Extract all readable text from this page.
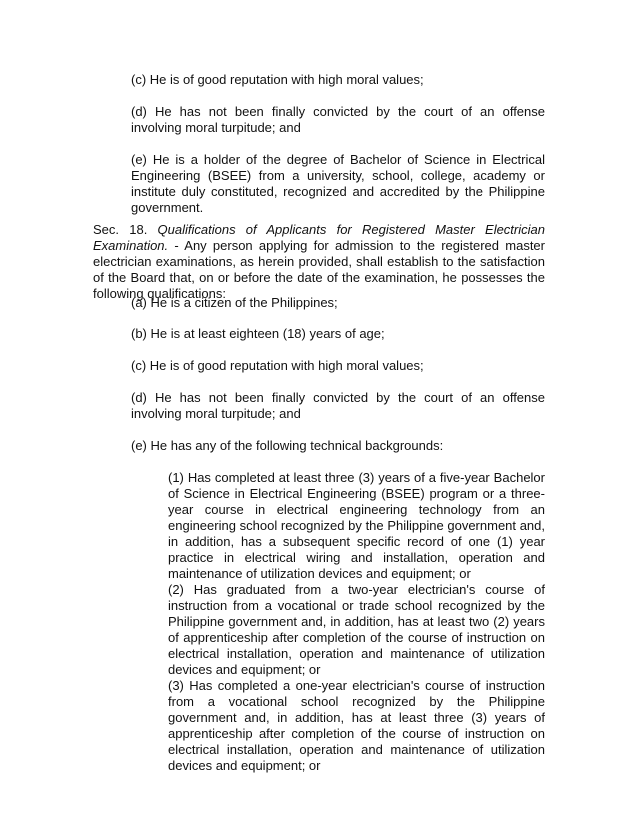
(c) He is of good reputation with high moral values;

(d) He has not been finally convicted by the court of an offense involving moral turpitude; and

(e) He is a holder of the degree of Bachelor of Science in Electrical Engineering (BSEE) from a university, school, college, academy or institute duly constituted, recognized and accredited by the Philippine government.

Sec. 18. Qualifications of Applicants for Registered Master Electrician Examination. - Any person applying for admission to the registered master electrician examinations, as herein provided, shall establish to the satisfaction of the Board that, on or before the date of the examination, he possesses the following qualifications:

(a) He is a citizen of the Philippines;

(b) He is at least eighteen (18) years of age;

(c) He is of good reputation with high moral values;

(d) He has not been finally convicted by the court of an offense involving moral turpitude; and

(e) He has any of the following technical backgrounds:

(1) Has completed at least three (3) years of a five-year Bachelor of Science in Electrical Engineering (BSEE) program or a three-year course in electrical engineering technology from an engineering school recognized by the Philippine government and, in addition, has a subsequent specific record of one (1) year practice in electrical wiring and installation, operation and maintenance of utilization devices and equipment; or

(2) Has graduated from a two-year electrician's course of instruction from a vocational or trade school recognized by the Philippine government and, in addition, has at least two (2) years of apprenticeship after completion of the course of instruction on electrical installation, operation and maintenance of utilization devices and equipment; or

(3) Has completed a one-year electrician's course of instruction from a vocational school recognized by the Philippine government and, in addition, has at least three (3) years of apprenticeship after completion of the course of instruction on electrical installation, operation and maintenance of utilization devices and equipment; or
